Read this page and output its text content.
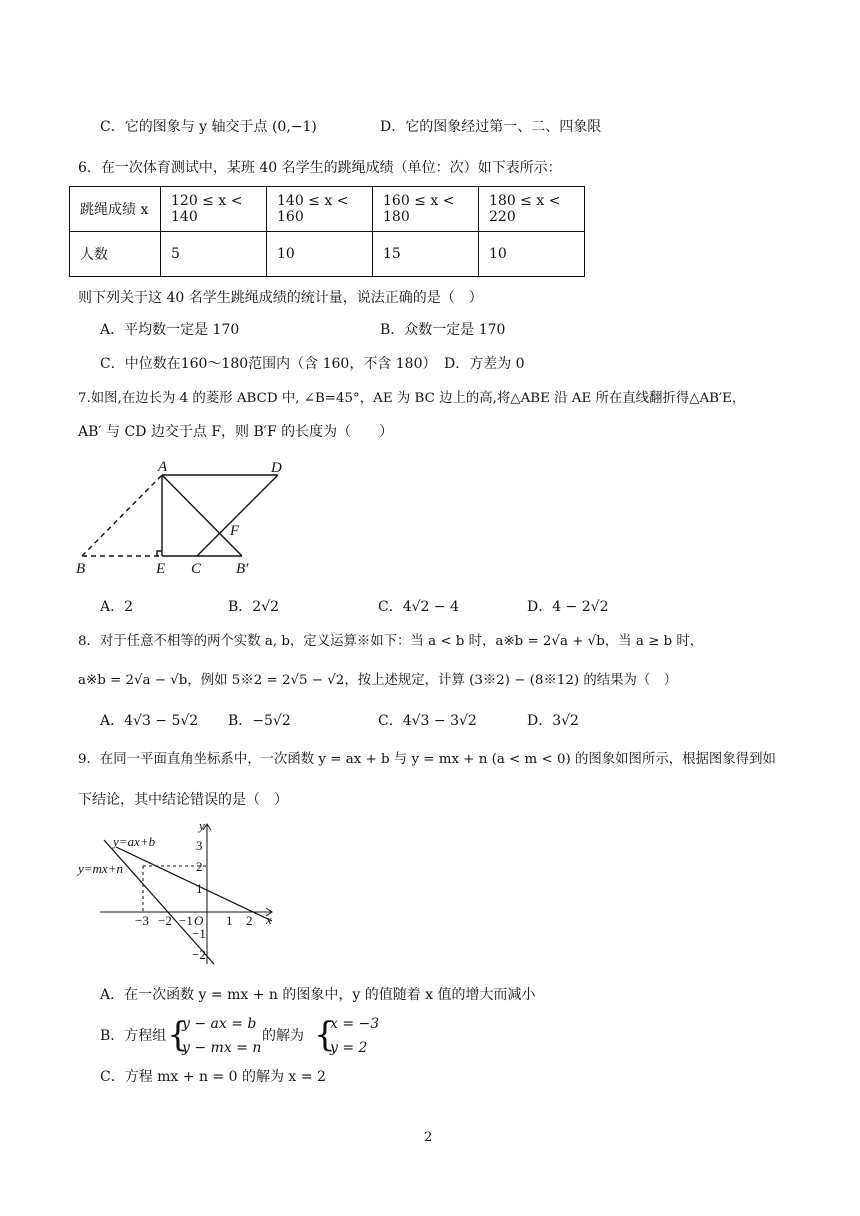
C．它的图象与 y 轴交于点 (0,−1)	D．它的图象经过第一、二、四象限
6．在一次体育测试中，某班 40 名学生的跳绳成绩（单位：次）如下表所示：
跳绳成绩 x	120 ≤ x < 140	140 ≤ x < 160	160 ≤ x < 180	180 ≤ x < 220
人数	5	10	15	10
则下列关于这 40 名学生跳绳成绩的统计量，说法正确的是（　）
A．平均数一定是 170	B．众数一定是 170
C．中位数在160～180范围内（含 160，不含 180） D．方差为 0
7.如图,在边长为 4 的菱形 ABCD 中, ∠B=45°，AE 为 BC 边上的高,将△ABE 沿 AE 所在直线翻折得△AB′E，
AB′ 与 CD 边交于点 F，则 B′F 的长度为（　　）
A	D
F
B	E C B′
A．2	B．2√2	C．4√2 − 4	D．4 − 2√2
8．对于任意不相等的两个实数 a, b，定义运算※如下：当 a < b 时，a※b = 2√a + √b，当 a ≥ b 时，
a※b = 2√a − √b，例如 5※2 = 2√5 − √2，按上述规定，计算 (3※2) − (8※12) 的结果为（　）
A．4√3 − 5√2 B．−5√2	C．4√3 − 3√2	D．3√2
9．在同一平面直角坐标系中，一次函数 y = ax + b 与 y = mx + n (a < m < 0) 的图象如图所示，根据图象得到如
下结论，其中结论错误的是（　）
y=ax+b
y=mx+n
x
y
O
−3 −2 −1	1 2
3
2
1
−1
−2
A．在一次函数 y = mx + n 的图象中，y 的值随着 x 值的增大而减小
B．方程组 {
y − ax = b
y − mx = n
的解为 {
x = −3
y = 2
C．方程 mx + n = 0 的解为 x = 2
2
